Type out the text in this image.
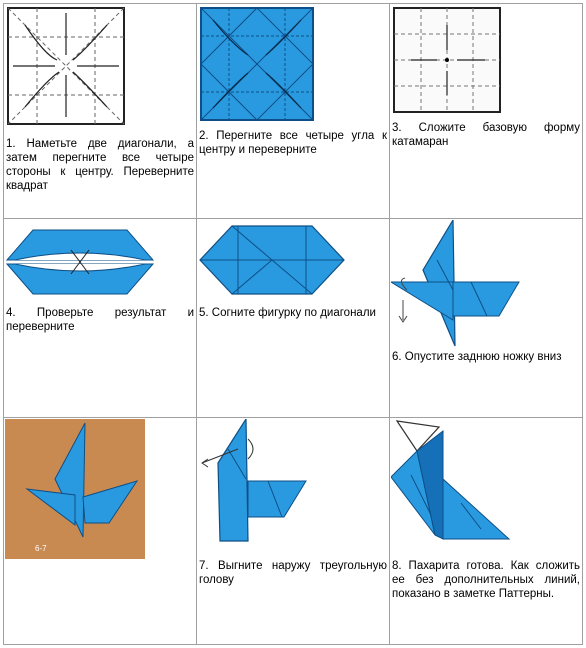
1. Наметьте две диагонали, а затем перегните все четыре стороны к центру. Переверните квадрат	2. Перегните все четыре угла к центру и переверните	3. Сложите базовую форму катамаран

4. Проверьте результат и переверните	5. Согните фигурку по диагонали	6. Опустите заднюю ножку вниз

6-7	7. Выгните наружу треугольную голову	8. Пахарита готова. Как сложить ее без дополнительных линий, показано в заметке Паттерны.
